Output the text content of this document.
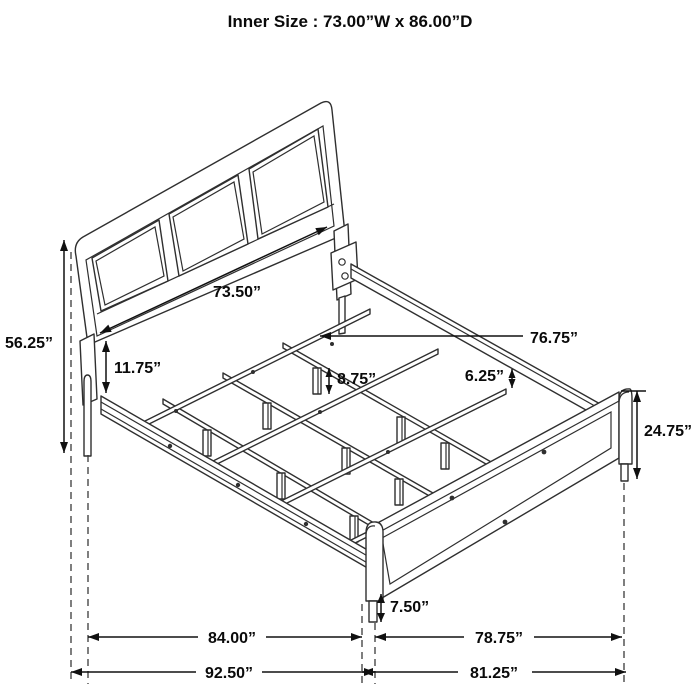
Inner Size : 73.00”W x 86.00”D
73.50”
76.75”
56.25”
11.75”
8.75”	6.25”
24.75”
7.50”
84.00”	78.75”
92.50”	81.25”
